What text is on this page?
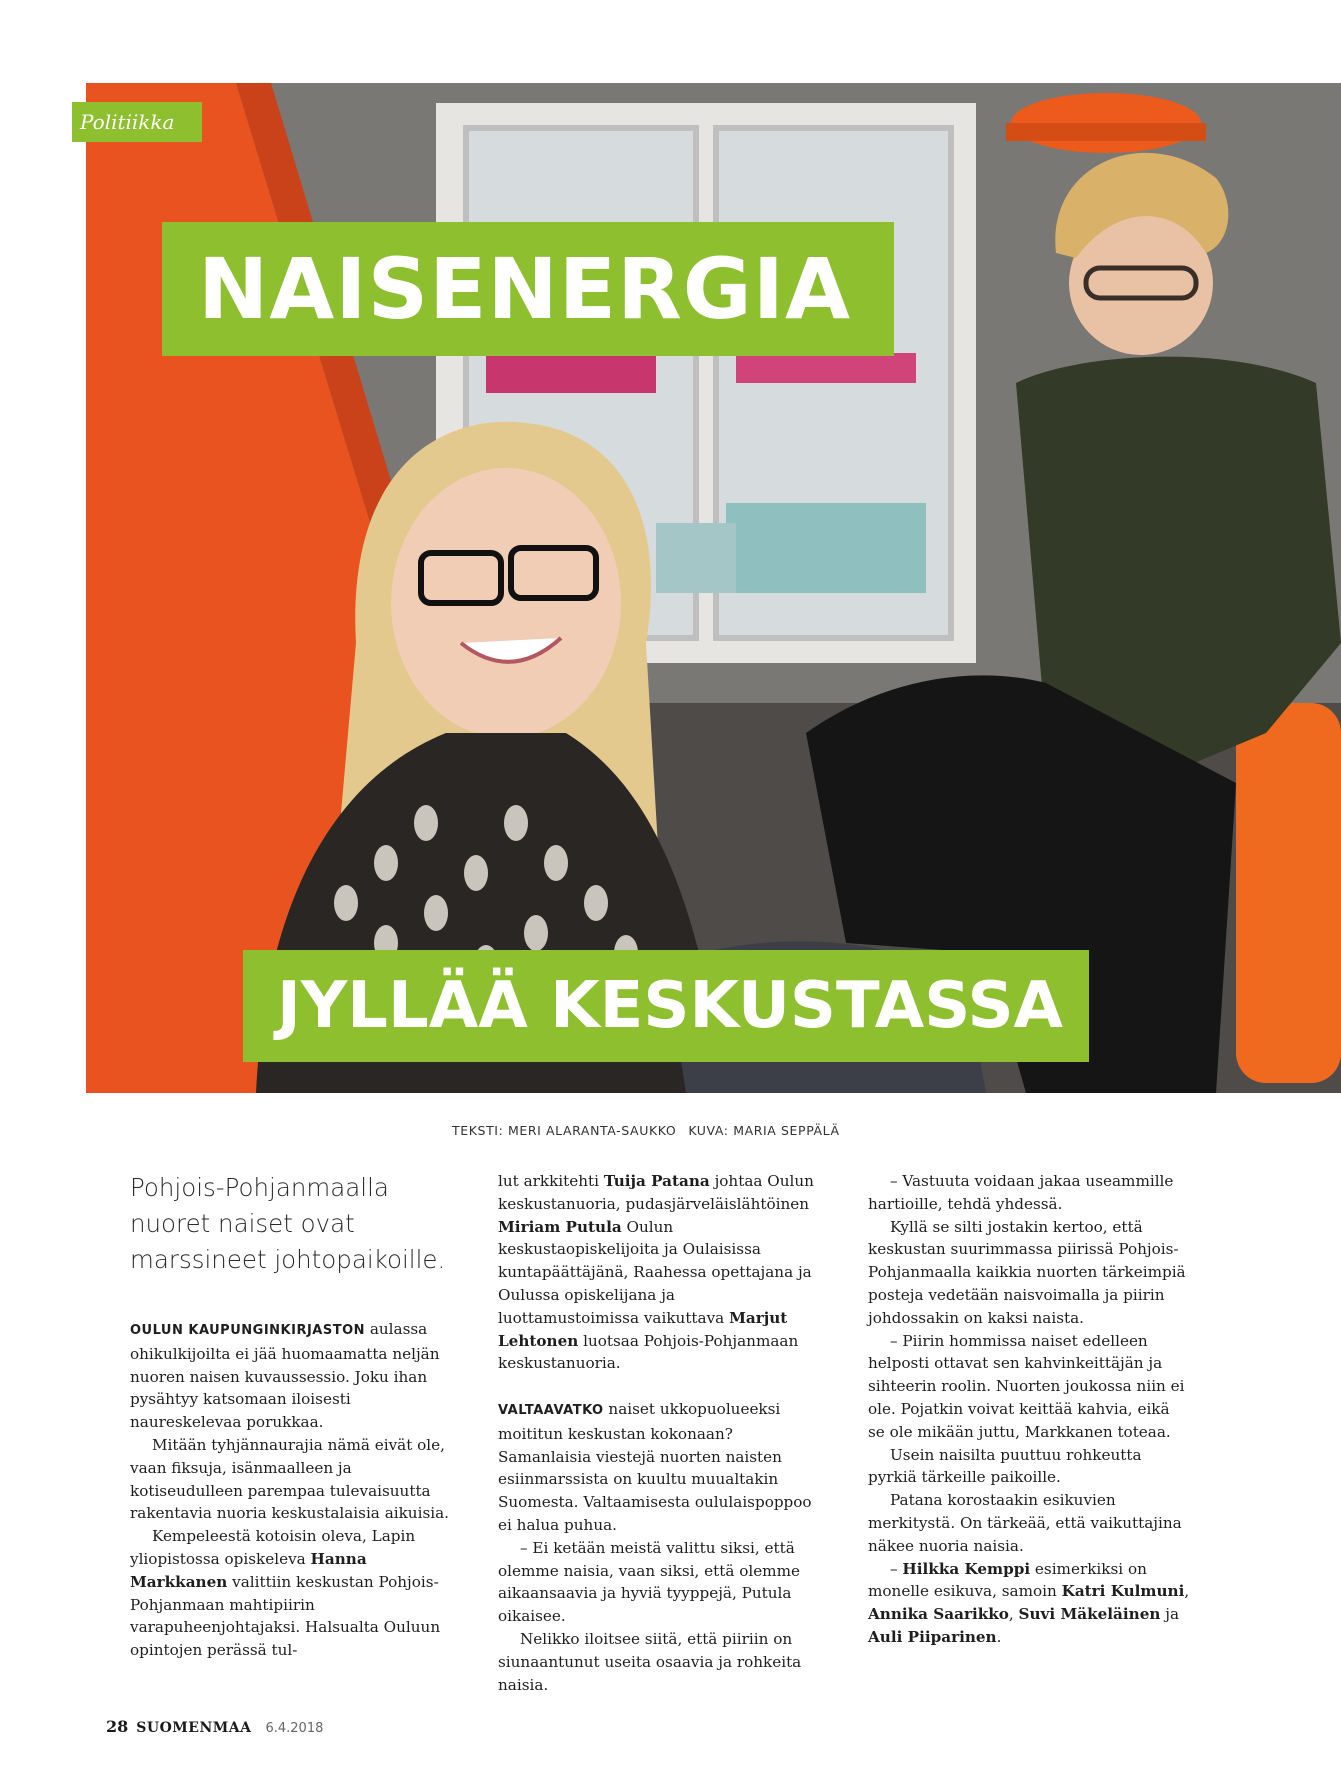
Politiikka
NAISENERGIA
JYLLÄÄ KESKUSTASSA
TEKSTI: MERI ALARANTA-SAUKKO KUVA: MARIA SEPPÄLÄ
Pohjois-Pohjanmaalla nuoret naiset ovat marssineet johtopaikoille.

OULUN KAUPUNGINKIRJASTON aulassa ohikulkijoilta ei jää huomaamatta neljän nuoren naisen kuvaussessio. Joku ihan pysähtyy katsomaan iloisesti naureskelevaa porukkaa.

Mitään tyhjännaurajia nämä eivät ole, vaan fiksuja, isänmaalleen ja kotiseudulleen parempaa tulevaisuutta rakentavia nuoria keskustalaisia aikuisia.

Kempeleestä kotoisin oleva, Lapin yliopistossa opiskeleva Hanna Markkanen valittiin keskustan Pohjois-Pohjanmaan mahtipiirin varapuheenjohtajaksi. Halsualta Ouluun opintojen perässä tul-

lut arkkitehti Tuija Patana johtaa Oulun keskustanuoria, pudasjärveläislähtöinen Miriam Putula Oulun keskustaopiskelijoita ja Oulaisissa kuntapäättäjänä, Raahessa opettajana ja Oulussa opiskelijana ja luottamustoimissa vaikuttava Marjut Lehtonen luotsaa Pohjois-Pohjanmaan keskustanuoria.

VALTAAVATKO naiset ukkopuolueeksi moititun keskustan kokonaan? Samanlaisia viestejä nuorten naisten esiinmarssista on kuultu muualtakin Suomesta. Valtaamisesta oululaispoppoo ei halua puhua.

– Ei ketään meistä valittu siksi, että olemme naisia, vaan siksi, että olemme aikaansaavia ja hyviä tyyppejä, Putula oikaisee.

Nelikko iloitsee siitä, että piiriin on siunaantunut useita osaavia ja rohkeita naisia.

– Vastuuta voidaan jakaa useammille hartioille, tehdä yhdessä.

Kyllä se silti jostakin kertoo, että keskustan suurimmassa piirissä Pohjois-Pohjanmaalla kaikkia nuorten tärkeimpiä posteja vedetään naisvoimalla ja piirin johdossakin on kaksi naista.

– Piirin hommissa naiset edelleen helposti ottavat sen kahvinkeittäjän ja sihteerin roolin. Nuorten joukossa niin ei ole. Pojatkin voivat keittää kahvia, eikä se ole mikään juttu, Markkanen toteaa.

Usein naisilta puuttuu rohkeutta pyrkiä tärkeille paikoille.

Patana korostaakin esikuvien merkitystä. On tärkeää, että vaikuttajina näkee nuoria naisia.

– Hilkka Kemppi esimerkiksi on monelle esikuva, samoin Katri Kulmuni, Annika Saarikko, Suvi Mäkeläinen ja Auli Piiparinen.

28 SUOMENMAA 6.4.2018
